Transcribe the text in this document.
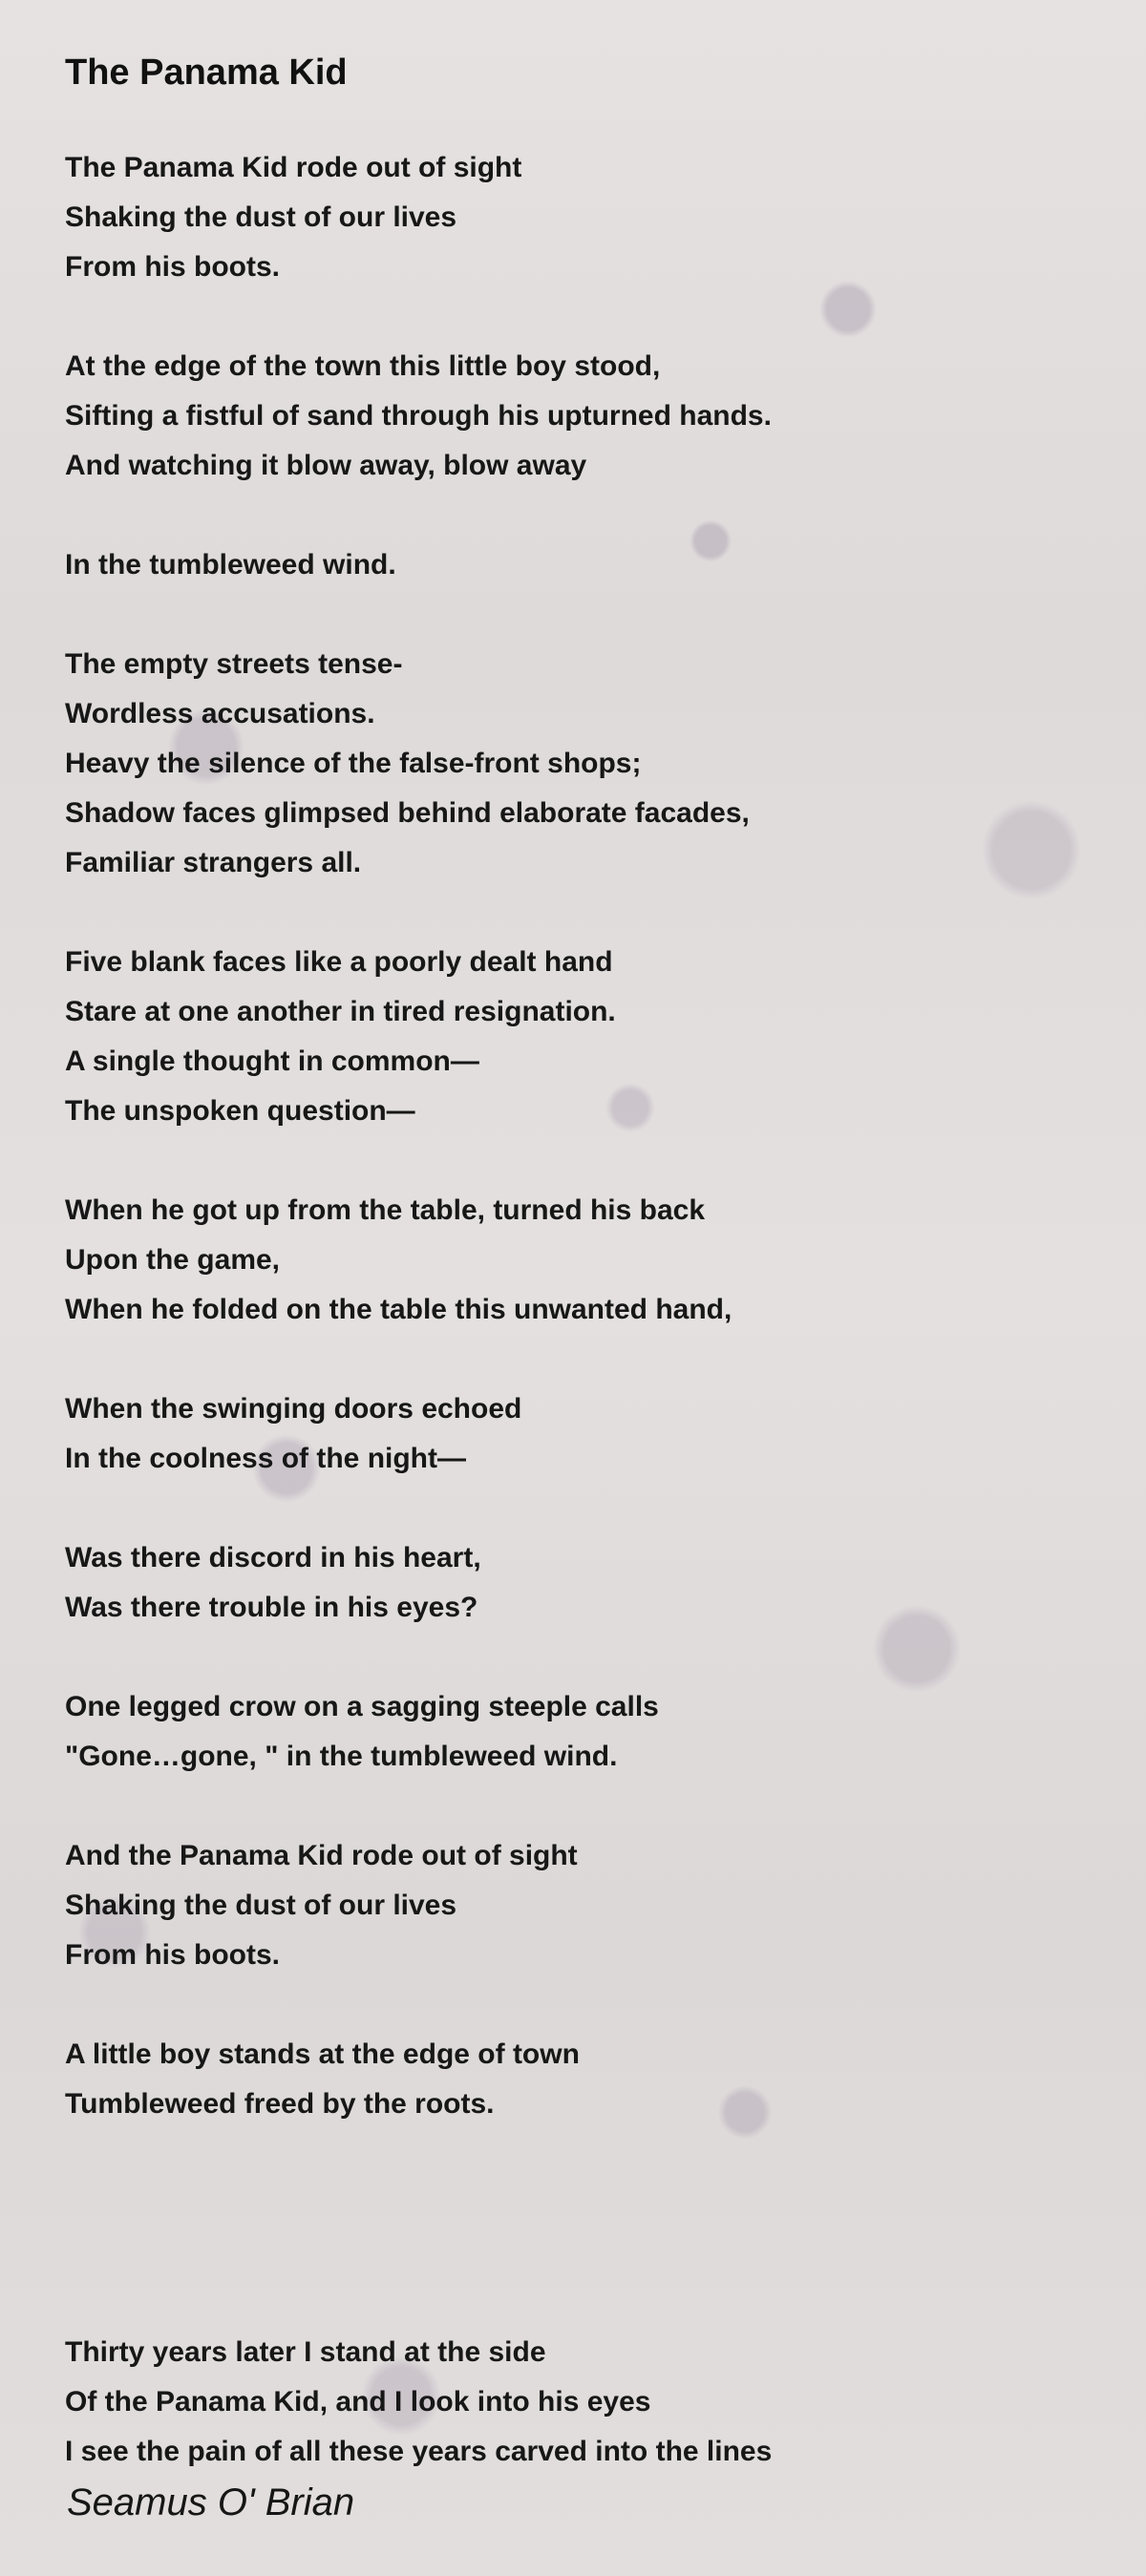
The Panama Kid
The Panama Kid rode out of sight
Shaking the dust of our lives
From his boots.
At the edge of the town this little boy stood,
Sifting a fistful of sand through his upturned hands.
And watching it blow away, blow away
In the tumbleweed wind.
The empty streets tense-
Wordless accusations.
Heavy the silence of the false-front shops;
Shadow faces glimpsed behind elaborate facades,
Familiar strangers all.
Five blank faces like a poorly dealt hand
Stare at one another in tired resignation.
A single thought in common—
The unspoken question—
When he got up from the table, turned his back
Upon the game,
When he folded on the table this unwanted hand,
When the swinging doors echoed
In the coolness of the night—
Was there discord in his heart,
Was there trouble in his eyes?
One legged crow on a sagging steeple calls
"Gone…gone, " in the tumbleweed wind.
And the Panama Kid rode out of sight
Shaking the dust of our lives
From his boots.
A little boy stands at the edge of town
Tumbleweed freed by the roots.
Thirty years later I stand at the side
Of the Panama Kid, and I look into his eyes
I see the pain of all these years carved into the lines
Seamus O' Brian
